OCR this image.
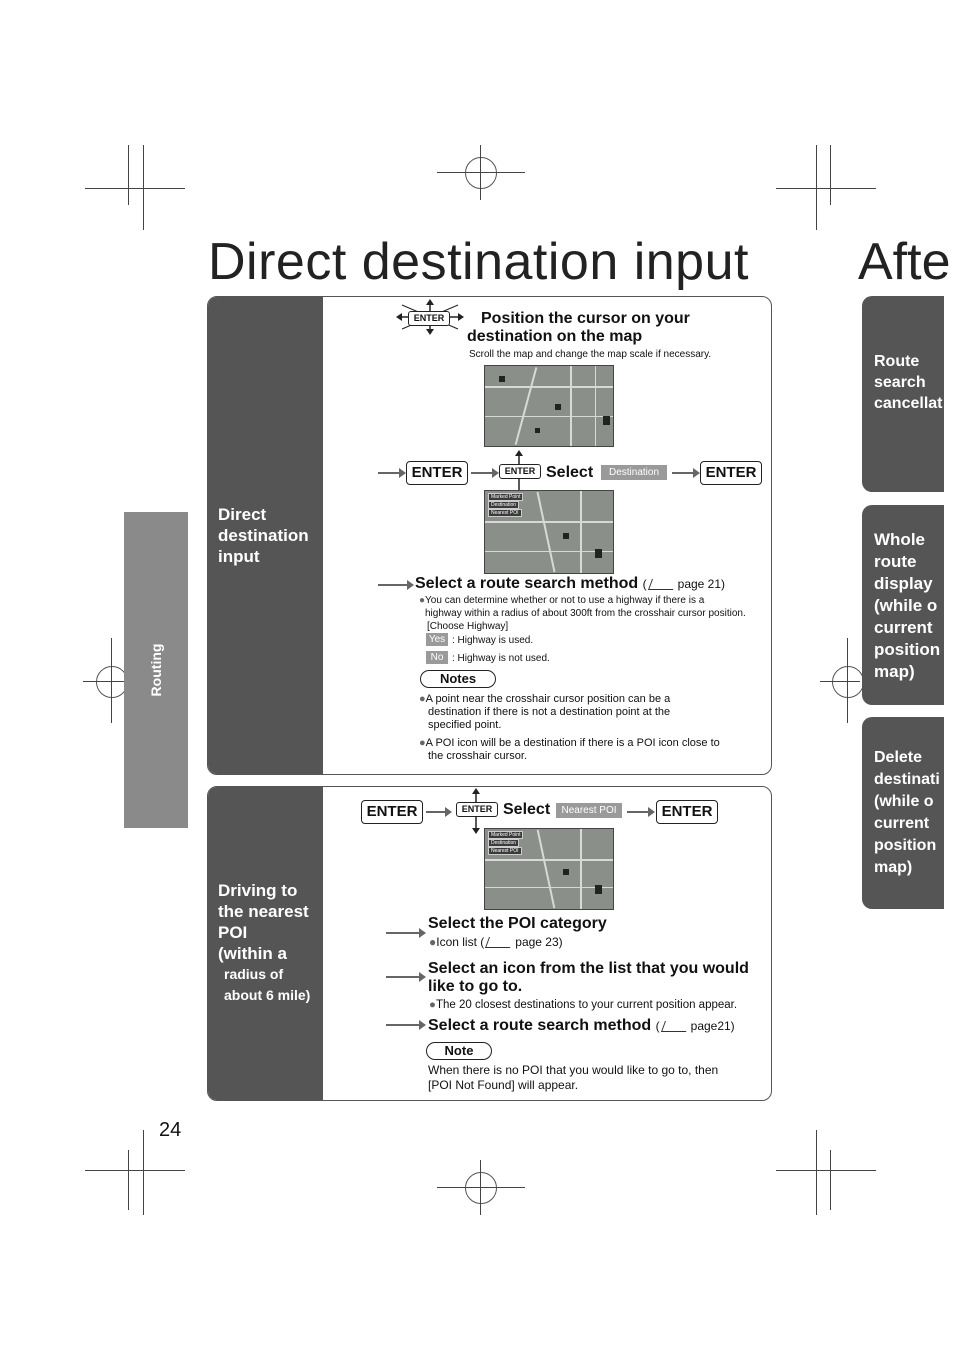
Direct destination input Afte
Routing
Route
search
cancellat
Whole
route
display
(while o
current
position
map)
Delete
destinati
(while o
current
position
map)
Direct
destination
input
ENTER	Position the cursor on your
destination on the map
Scroll the map and change the map scale if necessary.
ENTER	ENTER Select	Destination	ENTER
Marked Point
Destination
Nearest POI
Select a route search method (	page 21)
●You can determine whether or not to use a highway if there is a
highway within a radius of about 300ft from the crosshair cursor position.
[Choose Highway]
Yes : Highway is used.
No : Highway is not used.
Notes
●A point near the crosshair cursor position can be a
destination if there is not a destination point at the
specified point.
●A POI icon will be a destination if there is a POI icon close to
the crosshair cursor.
Driving to
the nearest
POI
(within a
radius of
about 6 mile)
ENTER	ENTER Select	Nearest POI	ENTER
Marked Point
Destination
Nearest POI
Select the POI category
●Icon list (	page 23)
Select an icon from the list that you would
like to go to.
●The 20 closest destinations to your current position appear.
Select a route search method (	page21)
Note
When there is no POI that you would like to go to, then
[POI Not Found] will appear.
24
